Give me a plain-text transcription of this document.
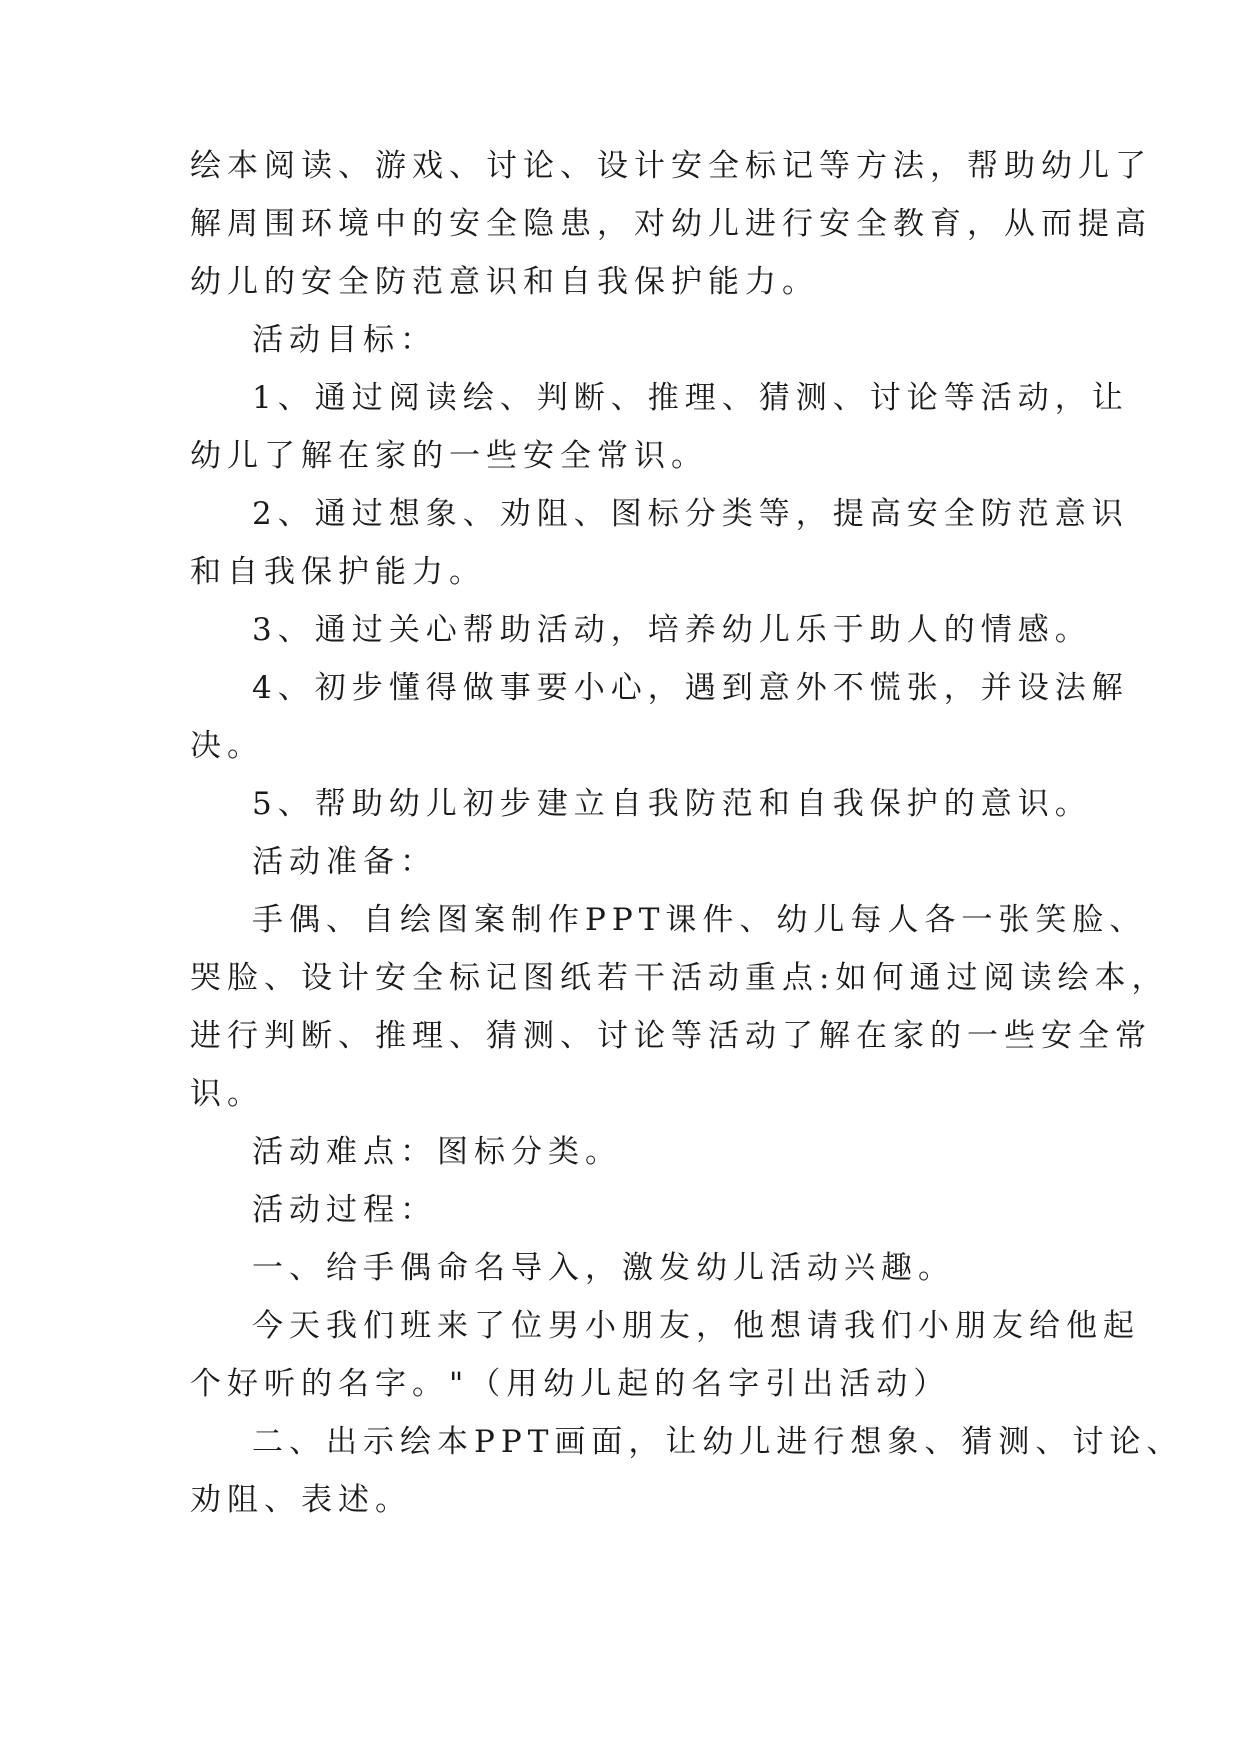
绘本阅读、游戏、讨论、设计安全标记等方法，帮助幼儿了

解周围环境中的安全隐患，对幼儿进行安全教育，从而提高

幼儿的安全防范意识和自我保护能力。

活动目标：

1、通过阅读绘、判断、推理、猜测、讨论等活动，让

幼儿了解在家的一些安全常识。

2、通过想象、劝阻、图标分类等，提高安全防范意识

和自我保护能力。

3、通过关心帮助活动，培养幼儿乐于助人的情感。

4、初步懂得做事要小心，遇到意外不慌张，并设法解

决。

5、帮助幼儿初步建立自我防范和自我保护的意识。

活动准备：

手偶、自绘图案制作PPT课件、幼儿每人各一张笑脸、

哭脸、设计安全标记图纸若干活动重点:如何通过阅读绘本，

进行判断、推理、猜测、讨论等活动了解在家的一些安全常

识。

活动难点：图标分类。

活动过程：

一、给手偶命名导入，激发幼儿活动兴趣。

今天我们班来了位男小朋友，他想请我们小朋友给他起

个好听的名字。"（用幼儿起的名字引出活动）

二、出示绘本PPT画面，让幼儿进行想象、猜测、讨论、

劝阻、表述。
